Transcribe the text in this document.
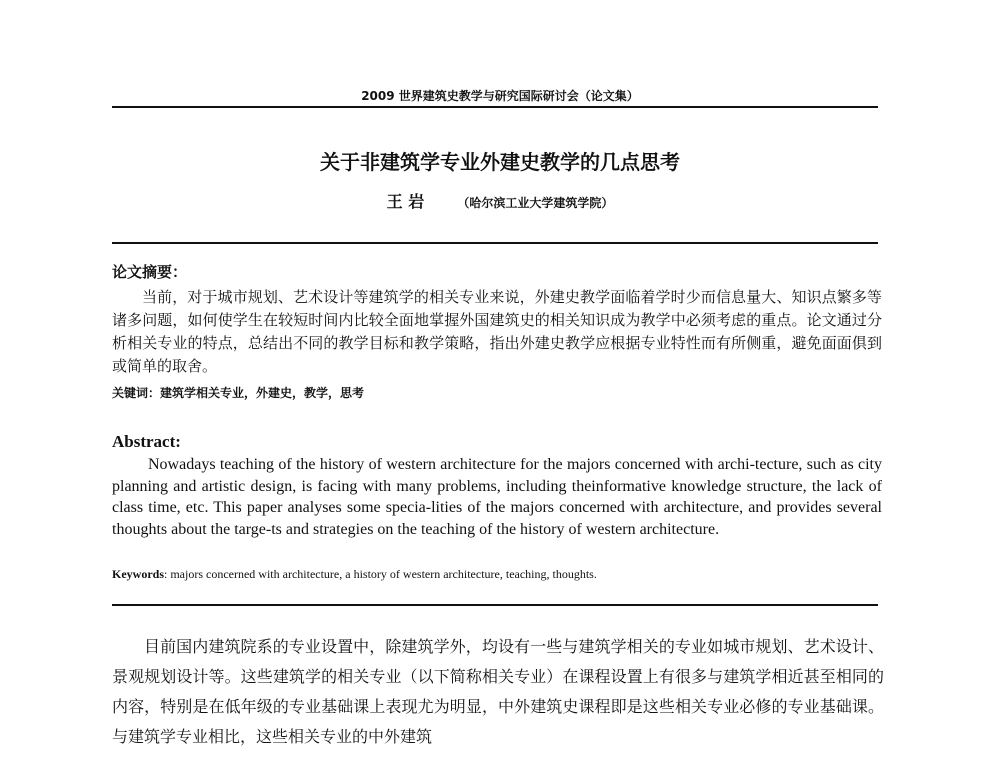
2009 世界建筑史教学与研究国际研讨会（论文集）
关于非建筑学专业外建史教学的几点思考
王 岩	（哈尔滨工业大学建筑学院）
论文摘要：

当前，对于城市规划、艺术设计等建筑学的相关专业来说，外建史教学面临着学时少而信息量大、知识点繁多等诸多问题，如何使学生在较短时间内比较全面地掌握外国建筑史的相关知识成为教学中必须考虑的重点。论文通过分析相关专业的特点，总结出不同的教学目标和教学策略，指出外建史教学应根据专业特性而有所侧重，避免面面俱到或简单的取舍。

关键词：建筑学相关专业，外建史，教学，思考
Abstract:

Nowadays teaching of the history of western architecture for the majors concerned with archi-tecture, such as city planning and artistic design, is facing with many problems, including theinformative knowledge structure, the lack of class time, etc. This paper analyses some specia-lities of the majors concerned with architecture, and provides several thoughts about the targe-ts and strategies on the teaching of the history of western architecture.

Keywords: majors concerned with architecture, a history of western architecture, teaching, thoughts.

目前国内建筑院系的专业设置中，除建筑学外，均设有一些与建筑学相关的专业如城市规划、艺术设计、景观规划设计等。这些建筑学的相关专业（以下简称相关专业）在课程设置上有很多与建筑学相近甚至相同的内容，特别是在低年级的专业基础课上表现尤为明显，中外建筑史课程即是这些相关专业必修的专业基础课。与建筑学专业相比，这些相关专业的中外建筑
